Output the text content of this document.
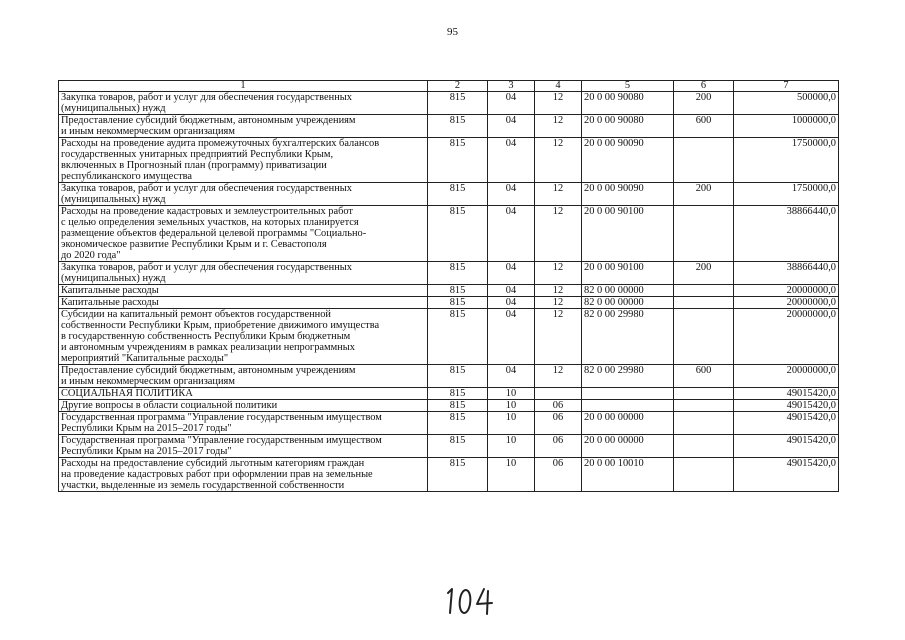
95
1	2	3	4	5	6	7
Закупка товаров, работ и услуг для обеспечения государственных
(муниципальных) нужд	815	04	12	20 0 00 90080	200	500000,0
Предоставление субсидий бюджетным, автономным учреждениям
и иным некоммерческим организациям	815	04	12	20 0 00 90080	600	1000000,0
Расходы на проведение аудита промежуточных бухгалтерских балансов
государственных унитарных предприятий Республики Крым,
включенных в Прогнозный план (программу) приватизации
республиканского имущества	815	04	12	20 0 00 90090		1750000,0
Закупка товаров, работ и услуг для обеспечения государственных
(муниципальных) нужд	815	04	12	20 0 00 90090	200	1750000,0
Расходы на проведение кадастровых и землеустроительных работ
с целью определения земельных участков, на которых планируется
размещение объектов федеральной целевой программы "Социально-
экономическое развитие Республики Крым и г. Севастополя
до 2020 года"	815	04	12	20 0 00 90100		38866440,0
Закупка товаров, работ и услуг для обеспечения государственных
(муниципальных) нужд	815	04	12	20 0 00 90100	200	38866440,0
Капитальные расходы	815	04	12	82 0 00 00000		20000000,0
Капитальные расходы	815	04	12	82 0 00 00000		20000000,0
Субсидии на капитальный ремонт объектов государственной
собственности Республики Крым, приобретение движимого имущества
в государственную собственность Республики Крым бюджетным
и автономным учреждениям в рамках реализации непрограммных
мероприятий "Капитальные расходы"	815	04	12	82 0 00 29980		20000000,0
Предоставление субсидий бюджетным, автономным учреждениям
и иным некоммерческим организациям	815	04	12	82 0 00 29980	600	20000000,0
СОЦИАЛЬНАЯ ПОЛИТИКА	815	10				49015420,0
Другие вопросы в области социальной политики	815	10	06			49015420,0
Государственная программа "Управление государственным имуществом
Республики Крым на 2015–2017 годы"	815	10	06	20 0 00 00000		49015420,0
Государственная программа "Управление государственным имуществом
Республики Крым на 2015–2017 годы"	815	10	06	20 0 00 00000		49015420,0
Расходы на предоставление субсидий льготным категориям граждан
на проведение кадастровых работ при оформлении прав на земельные
участки, выделенные из земель государственной собственности	815	10	06	20 0 00 10010		49015420,0
